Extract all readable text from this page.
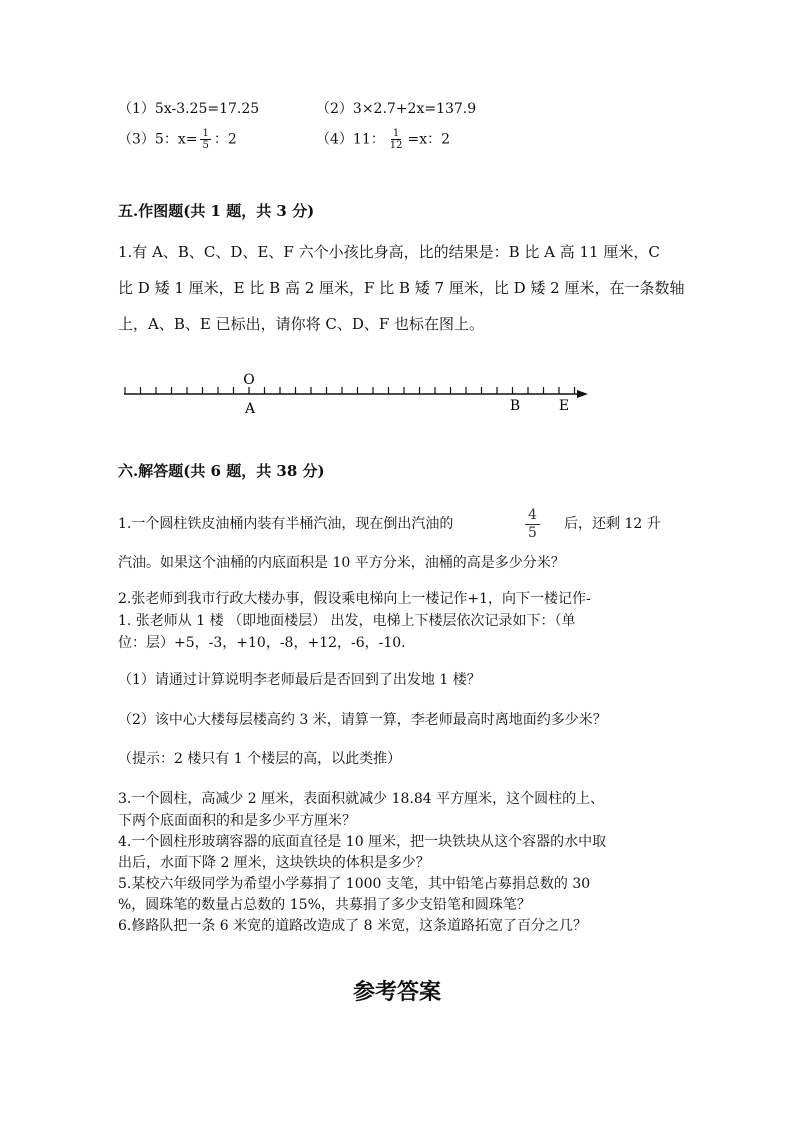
（1）5x-3.25=17.25	（2）3×2.7+2x=137.9
（3）5：$x= \frac{1}{5}$ ：2	（4）11： $\frac{1}{12} =x$：2
五.作图题(共 1 题，共 3 分)
1.有 A、B、C、D、E、F 六个小孩比身高，比的结果是：B 比 A 高 11 厘米，C
比 D 矮 1 厘米，E 比 B 高 2 厘米，F 比 B 矮 7 厘米，比 D 矮 2 厘米，在一条数轴
上，A、B、E 已标出，请你将 C、D、F 也标在图上。
O
A	B	E
六.解答题(共 6 题，共 38 分)
1.一个圆柱铁皮油桶内装有半桶汽油，现在倒出汽油的	$\frac{4}{5}$ 后，还剩 12 升
汽油。如果这个油桶的内底面积是 10 平方分米，油桶的高是多少分米？
2.张老师到我市行政大楼办事，假设乘电梯向上一楼记作+1，向下一楼记作-
1. 张老师从 1 楼 （即地面楼层） 出发，电梯上下楼层依次记录如下：（单
位：层）+5，-3，+10，-8，+12，-6，-10.
（1）请通过计算说明李老师最后是否回到了出发地 1 楼？
（2）该中心大楼每层楼高约 3 米，请算一算，李老师最高时离地面约多少米？
（提示：2 楼只有 1 个楼层的高，以此类推）
3.一个圆柱，高减少 2 厘米，表面积就减少 18.84 平方厘米，这个圆柱的上、
下两个底面面积的和是多少平方厘米？
4.一个圆柱形玻璃容器的底面直径是 10 厘米，把一块铁块从这个容器的水中取
出后，水面下降 2 厘米，这块铁块的体积是多少？
5.某校六年级同学为希望小学募捐了 1000 支笔，其中铅笔占募捐总数的 30
%，圆珠笔的数量占总数的 15%，共募捐了多少支铅笔和圆珠笔？
6.修路队把一条 6 米宽的道路改造成了 8 米宽，这条道路拓宽了百分之几？
参考答案
